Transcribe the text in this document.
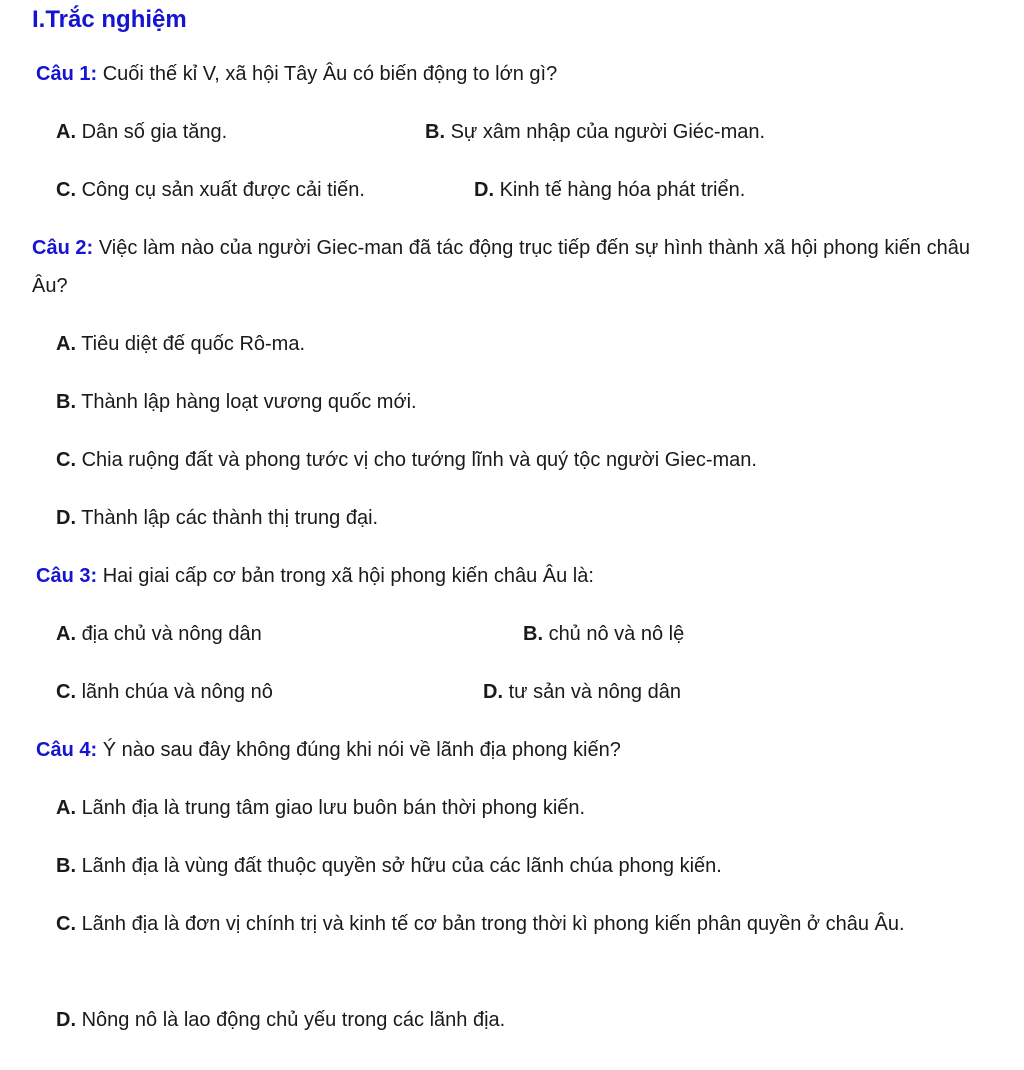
I.Trắc nghiệm
Câu 1: Cuối thế kỉ V, xã hội Tây Âu có biến động to lớn gì?
A. Dân số gia tăng.	B. Sự xâm nhập của người Giéc-man.
C. Công cụ sản xuất được cải tiến.	D. Kinh tế hàng hóa phát triển.
Câu 2: Việc làm nào của người Giec-man đã tác động trục tiếp đến sự hình thành xã hội phong kiến châu Âu?
A. Tiêu diệt đế quốc Rô-ma.
B. Thành lập hàng loạt vương quốc mới.
C. Chia ruộng đất và phong tước vị cho tướng lĩnh và quý tộc người Giec-man.
D. Thành lập các thành thị trung đại.
Câu 3: Hai giai cấp cơ bản trong xã hội phong kiến châu Âu là:
A. địa chủ và nông dân	B. chủ nô và nô lệ
C. lãnh chúa và nông nô	D. tư sản và nông dân
Câu 4: Ý nào sau đây không đúng khi nói về lãnh địa phong kiến?
A. Lãnh địa là trung tâm giao lưu buôn bán thời phong kiến.
B. Lãnh địa là vùng đất thuộc quyền sở hữu của các lãnh chúa phong kiến.
C. Lãnh địa là đơn vị chính trị và kinh tế cơ bản trong thời kì phong kiến phân quyền ở châu Âu.
D. Nông nô là lao động chủ yếu trong các lãnh địa.
